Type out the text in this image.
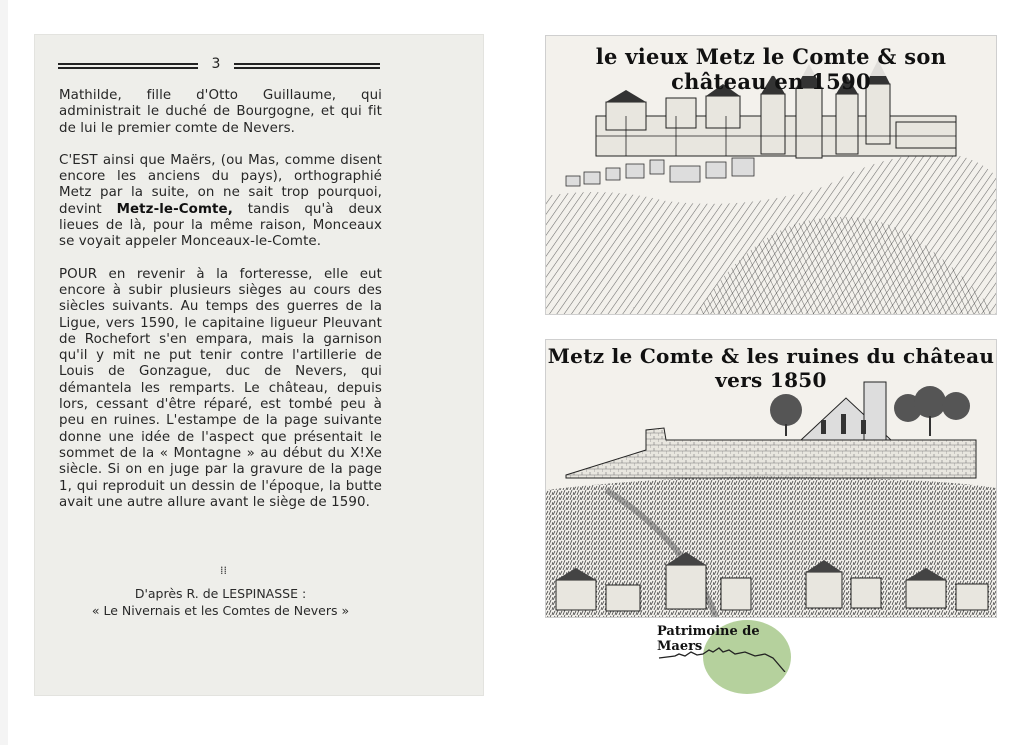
3

Mathilde, fille d'Otto Guillaume, qui administrait le duché de Bourgogne, et qui fit de lui le premier comte de Nevers.

C'EST ainsi que Maërs, (ou Mas, comme disent encore les anciens du pays), orthographié Metz par la suite, on ne sait trop pourquoi, devint Metz-le-Comte, tandis qu'à deux lieues de là, pour la même raison, Monceaux se voyait appeler Monceaux-le-Comte.

POUR en revenir à la forteresse, elle eut encore à subir plusieurs sièges au cours des siècles suivants. Au temps des guerres de la Ligue, vers 1590, le capitaine ligueur Pleuvant de Rochefort s'en empara, mais la garnison qu'il y mit ne put tenir contre l'artillerie de Louis de Gonzague, duc de Nevers, qui démantela les remparts. Le château, depuis lors, cessant d'être réparé, est tombé peu à peu en ruines. L'estampe de la page suivante donne une idée de l'aspect que présentait le sommet de la « Montagne » au début du X!Xe siècle. Si on en juge par la gravure de la page 1, qui reproduit un dessin de l'époque, la butte avait une autre allure avant le siège de 1590.

⁞⁞
D'après R. de LESPINASSE :
« Le Nivernais et les Comtes de Nevers »
le vieux Metz le Comte & son château en 1590
Metz le Comte & les ruines du château vers 1850
Patrimoine de Maers
